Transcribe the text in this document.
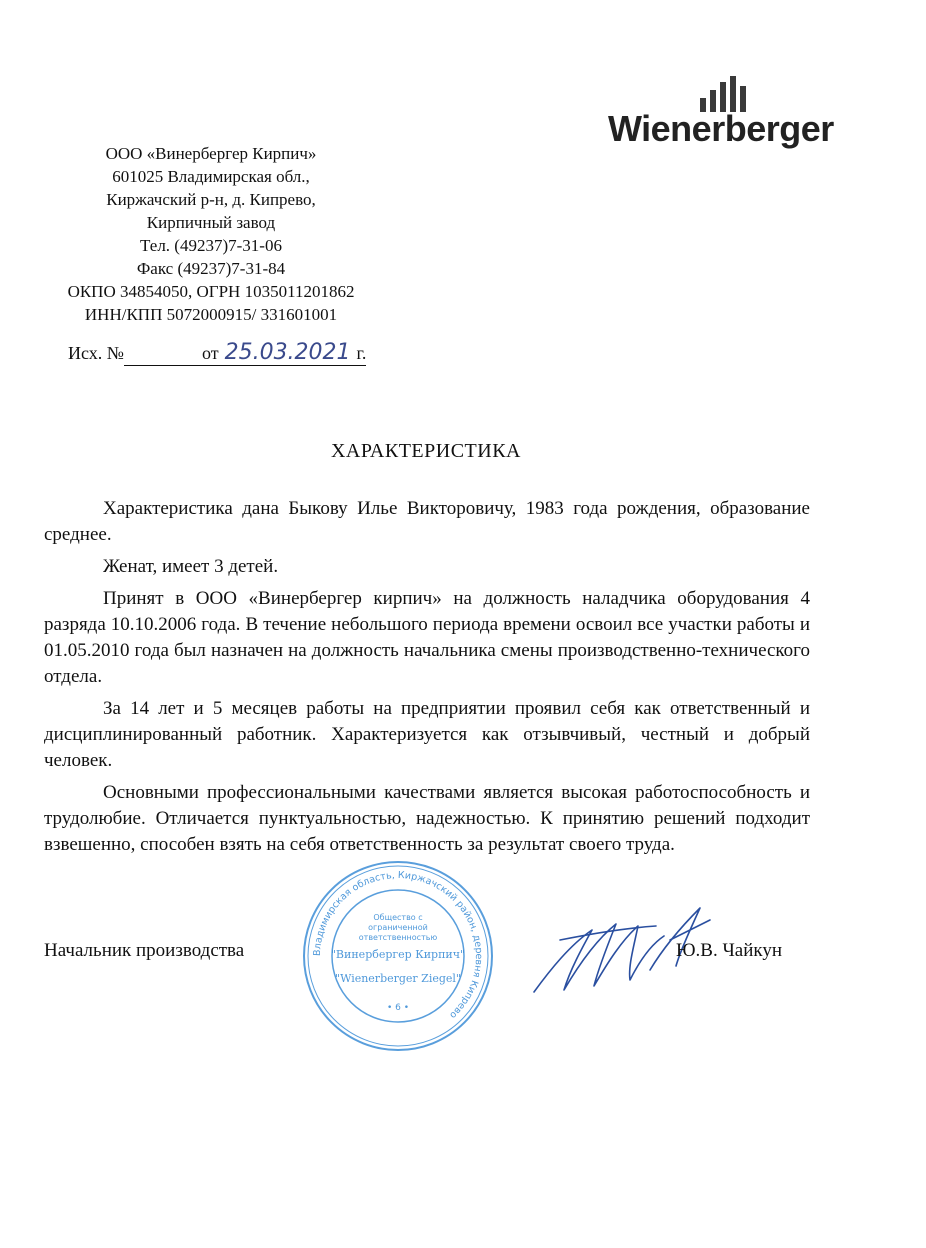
Wienerberger
ООО «Винербергер Кирпич»
601025 Владимирская обл.,
Киржачский р-н, д. Кипрево,
Кирпичный завод
Тел. (49237)7-31-06
Факс (49237)7-31-84
ОКПО 34854050, ОГРН 1035011201862
ИНН/КПП 5072000915/ 331601001
Исх. №	от 25.03.2021 г.
ХАРАКТЕРИСТИКА

Характеристика дана Быкову Илье Викторовичу, 1983 года рождения, образование среднее.

Женат, имеет 3 детей.

Принят в ООО «Винербергер кирпич» на должность наладчика оборудования 4 разряда 10.10.2006 года. В течение небольшого периода времени освоил все участки работы и 01.05.2010 года был назначен на должность начальника смены производственно-технического отдела.

За 14 лет и 5 месяцев работы на предприятии проявил себя как ответственный и дисциплинированный работник. Характеризуется как отзывчивый, честный и добрый человек.

Основными профессиональными качествами является высокая работоспособность и трудолюбие. Отличается пунктуальностью, надежностью. К принятию решений подходит взвешенно, способен взять на себя ответственность за результат своего труда.

Владимирская область, Киржачский район, деревня Кипрево
Общество с
ограниченной
ответственностью
"Винербергер Кирпич"
"Wienerberger Ziegel"
• 6 •
Начальник производства	Ю.В. Чайкун
